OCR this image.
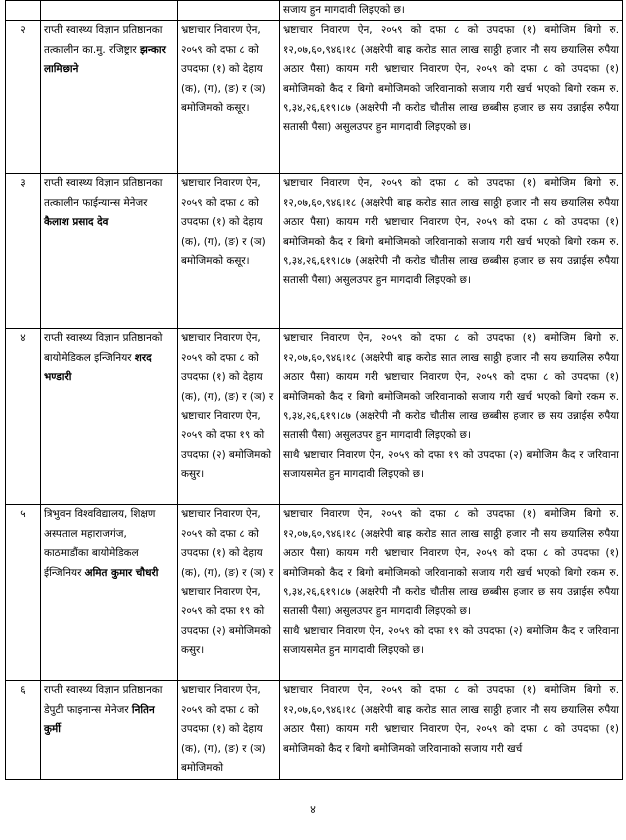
			सजाय हुन मागदावी लिइएको छ।
२	राप्ती स्वास्थ्य विज्ञान प्रतिष्ठानका तत्कालीन का.मु. रजिष्ट्रार झन्कार लामिछाने	भ्रष्टाचार निवारण ऐन, २०५९ को दफा ८ को उपदफा (१) को देहाय (क), (ग), (ङ) र (ञ) बमोजिमको कसूर।	भ्रष्टाचार निवारण ऐन, २०५९ को दफा ८ को उपदफा (१) बमोजिम बिगो रु. १२,०७,६०,९४६।१८ (अक्षरेपी बाह्र करोड सात लाख साठ्ठी हजार नौ सय छयालिस रुपैया अठार पैसा) कायम गरी भ्रष्टाचार निवारण ऐन, २०५९ को दफा ८ को उपदफा (१) बमोजिमको कैद र बिगो बमोजिमको जरिवानाको सजाय गरी खर्च भएको बिगो रकम रु. ९,३४,२६,६१९।८७ (अक्षरेपी नौ करोड चौतीस लाख छब्बीस हजार छ सय उन्नाईस रुपैया सतासी पैसा) असुलउपर हुन मागदावी लिइएको छ।

३	राप्ती स्वास्थ्य विज्ञान प्रतिष्ठानका तत्कालीन फाईन्यान्स मेनेजर कैलाश प्रसाद देव	भ्रष्टाचार निवारण ऐन, २०५९ को दफा ८ को उपदफा (१) को देहाय (क), (ग), (ङ) र (ञ) बमोजिमको कसूर।	भ्रष्टाचार निवारण ऐन, २०५९ को दफा ८ को उपदफा (१) बमोजिम बिगो रु. १२,०७,६०,९४६।१८ (अक्षरेपी बाह्र करोड सात लाख साठ्ठी हजार नौ सय छयालिस रुपैया अठार पैसा) कायम गरी भ्रष्टाचार निवारण ऐन, २०५९ को दफा ८ को उपदफा (१) बमोजिमको कैद र बिगो बमोजिमको जरिवानाको सजाय गरी खर्च भएको बिगो रकम रु. ९,३४,२६,६१९।८७ (अक्षरेपी नौ करोड चौतीस लाख छब्बीस हजार छ सय उन्नाईस रुपैया सतासी पैसा) असुलउपर हुन मागदावी लिइएको छ।

४	राप्ती स्वास्थ्य विज्ञान प्रतिष्ठानको बायोमेडिकल इन्जिनियर शरद भण्डारी	भ्रष्टाचार निवारण ऐन, २०५९ को दफा ८ को उपदफा (१) को देहाय (क), (ग), (ङ) र (ञ) र भ्रष्टाचार निवारण ऐन, २०५९ को दफा १९ को उपदफा (२) बमोजिमको कसुर।	भ्रष्टाचार निवारण ऐन, २०५९ को दफा ८ को उपदफा (१) बमोजिम बिगो रु. १२,०७,६०,९४६।१८ (अक्षरेपी बाह्र करोड सात लाख साठ्ठी हजार नौ सय छयालिस रुपैया अठार पैसा) कायम गरी भ्रष्टाचार निवारण ऐन, २०५९ को दफा ८ को उपदफा (१) बमोजिमको कैद र बिगो बमोजिमको जरिवानाको सजाय गरी खर्च भएको बिगो रकम रु. ९,३४,२६,६१९।८७ (अक्षरेपी नौ करोड चौतीस लाख छब्बीस हजार छ सय उन्नाईस रुपैया सतासी पैसा) असुलउपर हुन मागदावी लिइएको छ।
साथै भ्रष्टाचार निवारण ऐन, २०५९ को दफा १९ को उपदफा (२) बमोजिम कैद र जरिवाना सजायसमेत हुन मागदावी लिइएको छ।

५	त्रिभुवन विश्वविद्यालय, शिक्षण अस्पताल महाराजगंज, काठमाडौंका बायोमेडिकल ईन्जिनियर अमित कुमार चौधरी	भ्रष्टाचार निवारण ऐन, २०५९ को दफा ८ को उपदफा (१) को देहाय (क), (ग), (ङ) र (ञ) र भ्रष्टाचार निवारण ऐन, २०५९ को दफा १९ को उपदफा (२) बमोजिमको कसुर।	भ्रष्टाचार निवारण ऐन, २०५९ को दफा ८ को उपदफा (१) बमोजिम बिगो रु. १२,०७,६०,९४६।१८ (अक्षरेपी बाह्र करोड सात लाख साठ्ठी हजार नौ सय छयालिस रुपैया अठार पैसा) कायम गरी भ्रष्टाचार निवारण ऐन, २०५९ को दफा ८ को उपदफा (१) बमोजिमको कैद र बिगो बमोजिमको जरिवानाको सजाय गरी खर्च भएको बिगो रकम रु. ९,३४,२६,६१९।८७ (अक्षरेपी नौ करोड चौतीस लाख छब्बीस हजार छ सय उन्नाईस रुपैया सतासी पैसा) असुलउपर हुन मागदावी लिइएको छ।
साथै भ्रष्टाचार निवारण ऐन, २०५९ को दफा १९ को उपदफा (२) बमोजिम कैद र जरिवाना सजायसमेत हुन मागदावी लिइएको छ।

६	राप्ती स्वास्थ्य विज्ञान प्रतिष्ठानका डेपुटी फाइनान्स मेनेजर नितिन कुर्मी	भ्रष्टाचार निवारण ऐन, २०५९ को दफा ८ को उपदफा (१) को देहाय (क), (ग), (ङ) र (ञ) बमोजिमको	भ्रष्टाचार निवारण ऐन, २०५९ को दफा ८ को उपदफा (१) बमोजिम बिगो रु. १२,०७,६०,९४६।१८ (अक्षरेपी बाह्र करोड सात लाख साठ्ठी हजार नौ सय छयालिस रुपैया अठार पैसा) कायम गरी भ्रष्टाचार निवारण ऐन, २०५९ को दफा ८ को उपदफा (१) बमोजिमको कैद र बिगो बमोजिमको जरिवानाको सजाय गरी खर्च
४
